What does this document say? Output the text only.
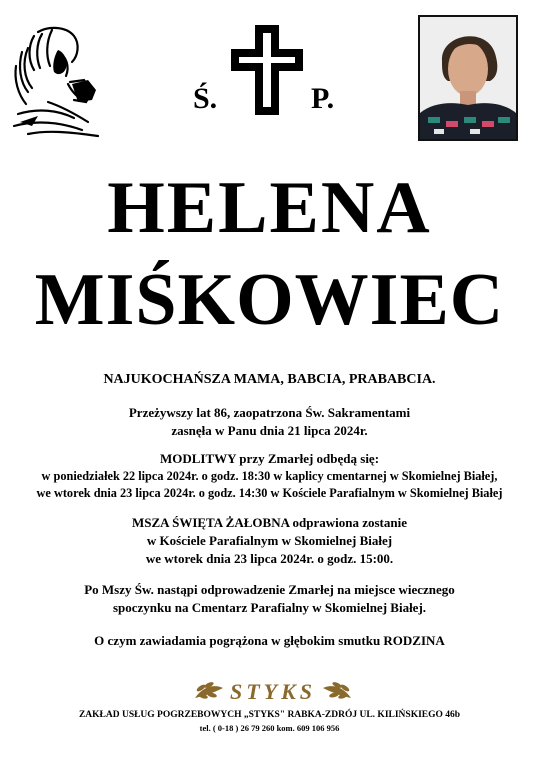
Ś.	P.
HELENA
MIŚKOWIEC
NAJUKOCHAŃSZA MAMA, BABCIA, PRABABCIA.
Przeżywszy lat 86, zaopatrzona Św. Sakramentami
zasnęła w Panu dnia 21 lipca 2024r.
MODLITWY przy Zmarłej odbędą się:
w poniedziałek 22 lipca 2024r. o godz. 18:30 w kaplicy cmentarnej w Skomielnej Białej,
we wtorek dnia 23 lipca 2024r. o godz. 14:30 w Kościele Parafialnym w Skomielnej Białej
MSZA ŚWIĘTA ŻAŁOBNA odprawiona zostanie
w Kościele Parafialnym w Skomielnej Białej
we wtorek dnia 23 lipca 2024r. o godz. 15:00.
Po Mszy Św. nastąpi odprowadzenie Zmarłej na miejsce wiecznego
spoczynku na Cmentarz Parafialny w Skomielnej Białej.
O czym zawiadamia pogrążona w głębokim smutku RODZINA
STYKS
ZAKŁAD USŁUG POGRZEBOWYCH „STYKS" RABKA-ZDRÓJ UL. KILIŃSKIEGO 46b
tel. ( 0-18 ) 26 79 260 kom. 609 106 956
